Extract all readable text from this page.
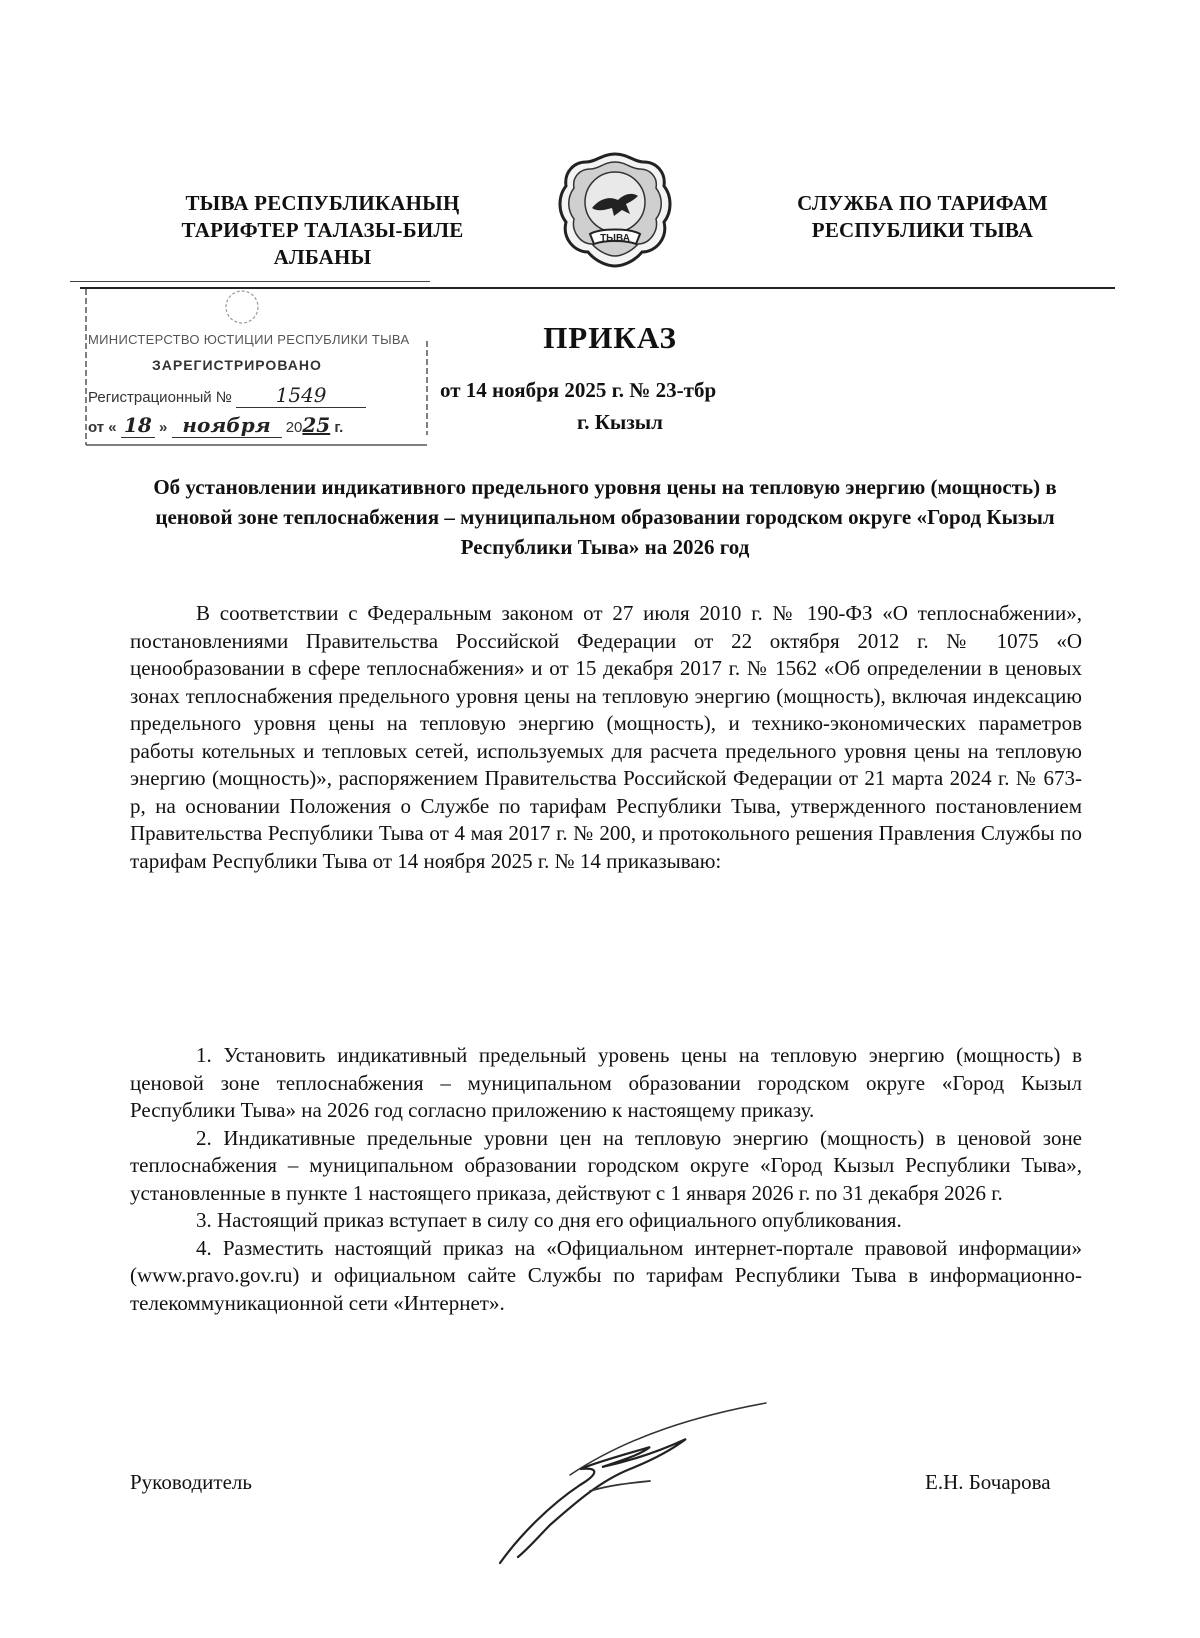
ТЫВА РЕСПУБЛИКАНЫҢ
ТАРИФТЕР ТАЛАЗЫ-БИЛЕ
АЛБАНЫ
ТЫВА
СЛУЖБА ПО ТАРИФАМ
РЕСПУБЛИКИ ТЫВА
МИНИСТЕРСТВО ЮСТИЦИИ РЕСПУБЛИКИ ТЫВА
ЗАРЕГИСТРИРОВАНО
Регистрационный № 1549
от « 18 » ноября 2025 г.
ПРИКАЗ
от 14 ноября 2025 г. № 23-тбр
г. Кызыл
Об установлении индикативного предельного уровня цены на тепловую энергию (мощность) в ценовой зоне теплоснабжения – муниципальном образовании городском округе «Город Кызыл Республики Тыва» на 2026 год
В соответствии с Федеральным законом от 27 июля 2010 г. № 190-ФЗ «О теплоснабжении», постановлениями Правительства Российской Федерации от 22 октября 2012 г. № 1075 «О ценообразовании в сфере теплоснабжения» и от 15 декабря 2017 г. № 1562 «Об определении в ценовых зонах теплоснабжения предельного уровня цены на тепловую энергию (мощность), включая индексацию предельного уровня цены на тепловую энергию (мощность), и технико-экономических параметров работы котельных и тепловых сетей, используемых для расчета предельного уровня цены на тепловую энергию (мощность)», распоряжением Правительства Российской Федерации от 21 марта 2024 г. № 673-р, на основании Положения о Службе по тарифам Республики Тыва, утвержденного постановлением Правительства Республики Тыва от 4 мая 2017 г. № 200, и протокольного решения Правления Службы по тарифам Республики Тыва от 14 ноября 2025 г. № 14 приказываю:

1. Установить индикативный предельный уровень цены на тепловую энергию (мощность) в ценовой зоне теплоснабжения – муниципальном образовании городском округе «Город Кызыл Республики Тыва» на 2026 год согласно приложению к настоящему приказу.

2. Индикативные предельные уровни цен на тепловую энергию (мощность) в ценовой зоне теплоснабжения – муниципальном образовании городском округе «Город Кызыл Республики Тыва», установленные в пункте 1 настоящего приказа, действуют с 1 января 2026 г. по 31 декабря 2026 г.

3. Настоящий приказ вступает в силу со дня его официального опубликования.

4. Разместить настоящий приказ на «Официальном интернет-портале правовой информации» (www.pravo.gov.ru) и официальном сайте Службы по тарифам Республики Тыва в информационно-телекоммуникационной сети «Интернет».

Руководитель	Е.Н. Бочарова
